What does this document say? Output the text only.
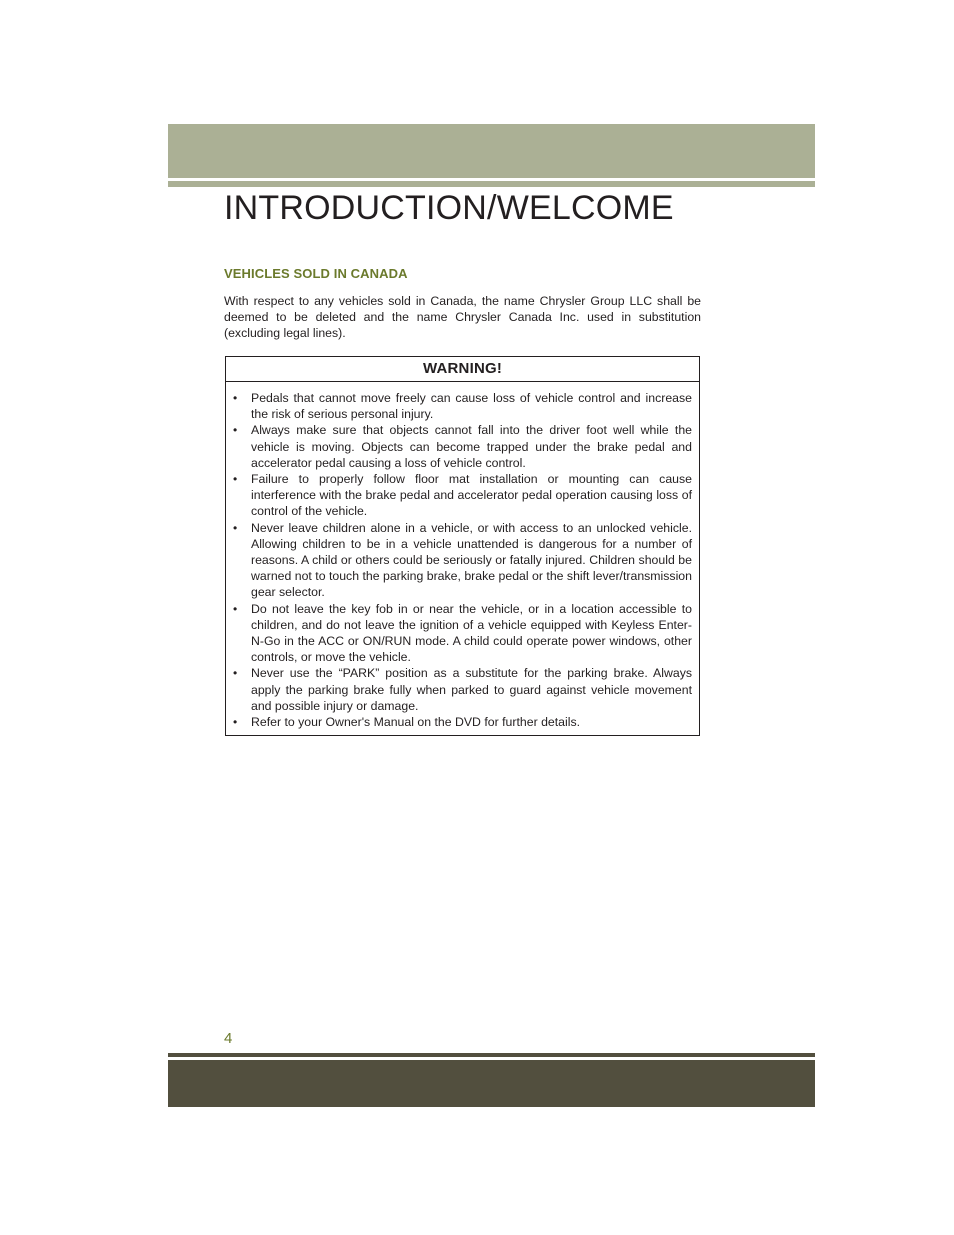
INTRODUCTION/WELCOME
VEHICLES SOLD IN CANADA

With respect to any vehicles sold in Canada, the name Chrysler Group LLC shall be deemed to be deleted and the name Chrysler Canada Inc. used in substitution (excluding legal lines).

WARNING!
•	Pedals that cannot move freely can cause loss of vehicle control and increase the risk of serious personal injury.
•	Always make sure that objects cannot fall into the driver foot well while the vehicle is moving. Objects can become trapped under the brake pedal and accelerator pedal causing a loss of vehicle control.
•	Failure to properly follow floor mat installation or mounting can cause interference with the brake pedal and accelerator pedal operation causing loss of control of the vehicle.
•	Never leave children alone in a vehicle, or with access to an unlocked vehicle. Allowing children to be in a vehicle unattended is dangerous for a number of reasons. A child or others could be seriously or fatally injured. Children should be warned not to touch the parking brake, brake pedal or the shift lever/transmission gear selector.
•	Do not leave the key fob in or near the vehicle, or in a location accessible to children, and do not leave the ignition of a vehicle equipped with Keyless Enter-N-Go in the ACC or ON/RUN mode. A child could operate power windows, other controls, or move the vehicle.
•	Never use the “PARK” position as a substitute for the parking brake. Always apply the parking brake fully when parked to guard against vehicle movement and possible injury or damage.
•	Refer to your Owner's Manual on the DVD for further details.
4
